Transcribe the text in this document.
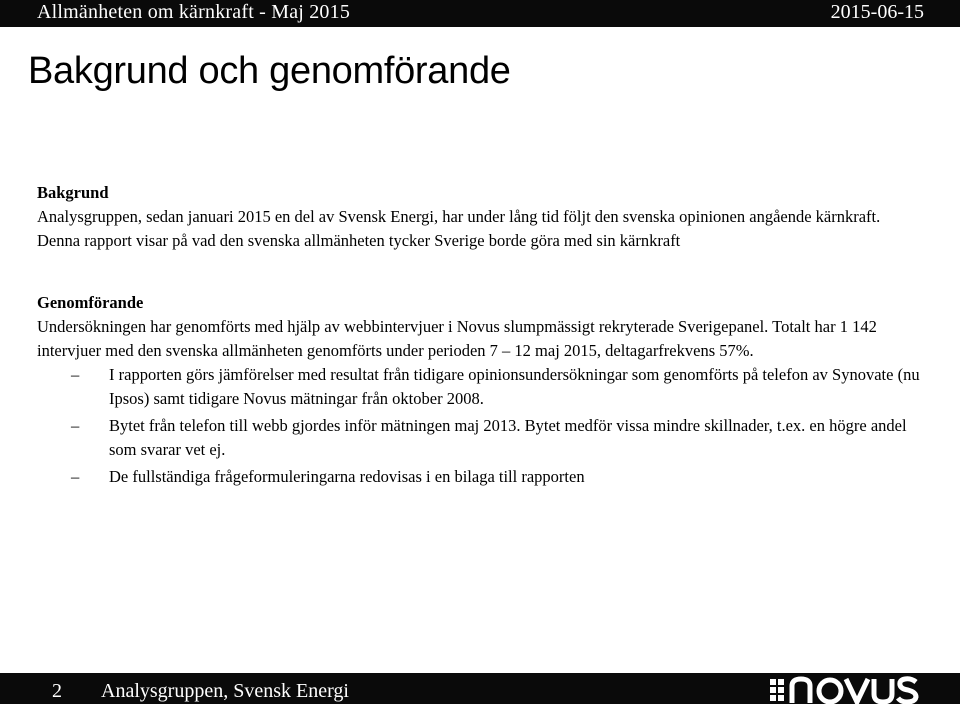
Allmänheten om kärnkraft - Maj 2015	2015-06-15
Bakgrund och genomförande

Bakgrund

Analysgruppen, sedan januari 2015 en del av Svensk Energi, har under lång tid följt den svenska opinionen angående kärnkraft. Denna rapport visar på vad den svenska allmänheten tycker Sverige borde göra med sin kärnkraft

Genomförande

Undersökningen har genomförts med hjälp av webbintervjuer i Novus slumpmässigt rekryterade Sverigepanel. Totalt har 1 142 intervjuer med den svenska allmänheten genomförts under perioden 7 – 12 maj 2015, deltagarfrekvens 57%.

– I rapporten görs jämförelser med resultat från tidigare opinionsundersökningar som genomförts på telefon av Synovate (nu Ipsos) samt tidigare Novus mätningar från oktober 2008.
– Bytet från telefon till webb gjordes inför mätningen maj 2013. Bytet medför vissa mindre skillnader, t.ex. en högre andel som svarar vet ej.
– De fullständiga frågeformuleringarna redovisas i en bilaga till rapporten
2 Analysgruppen, Svensk Energi
